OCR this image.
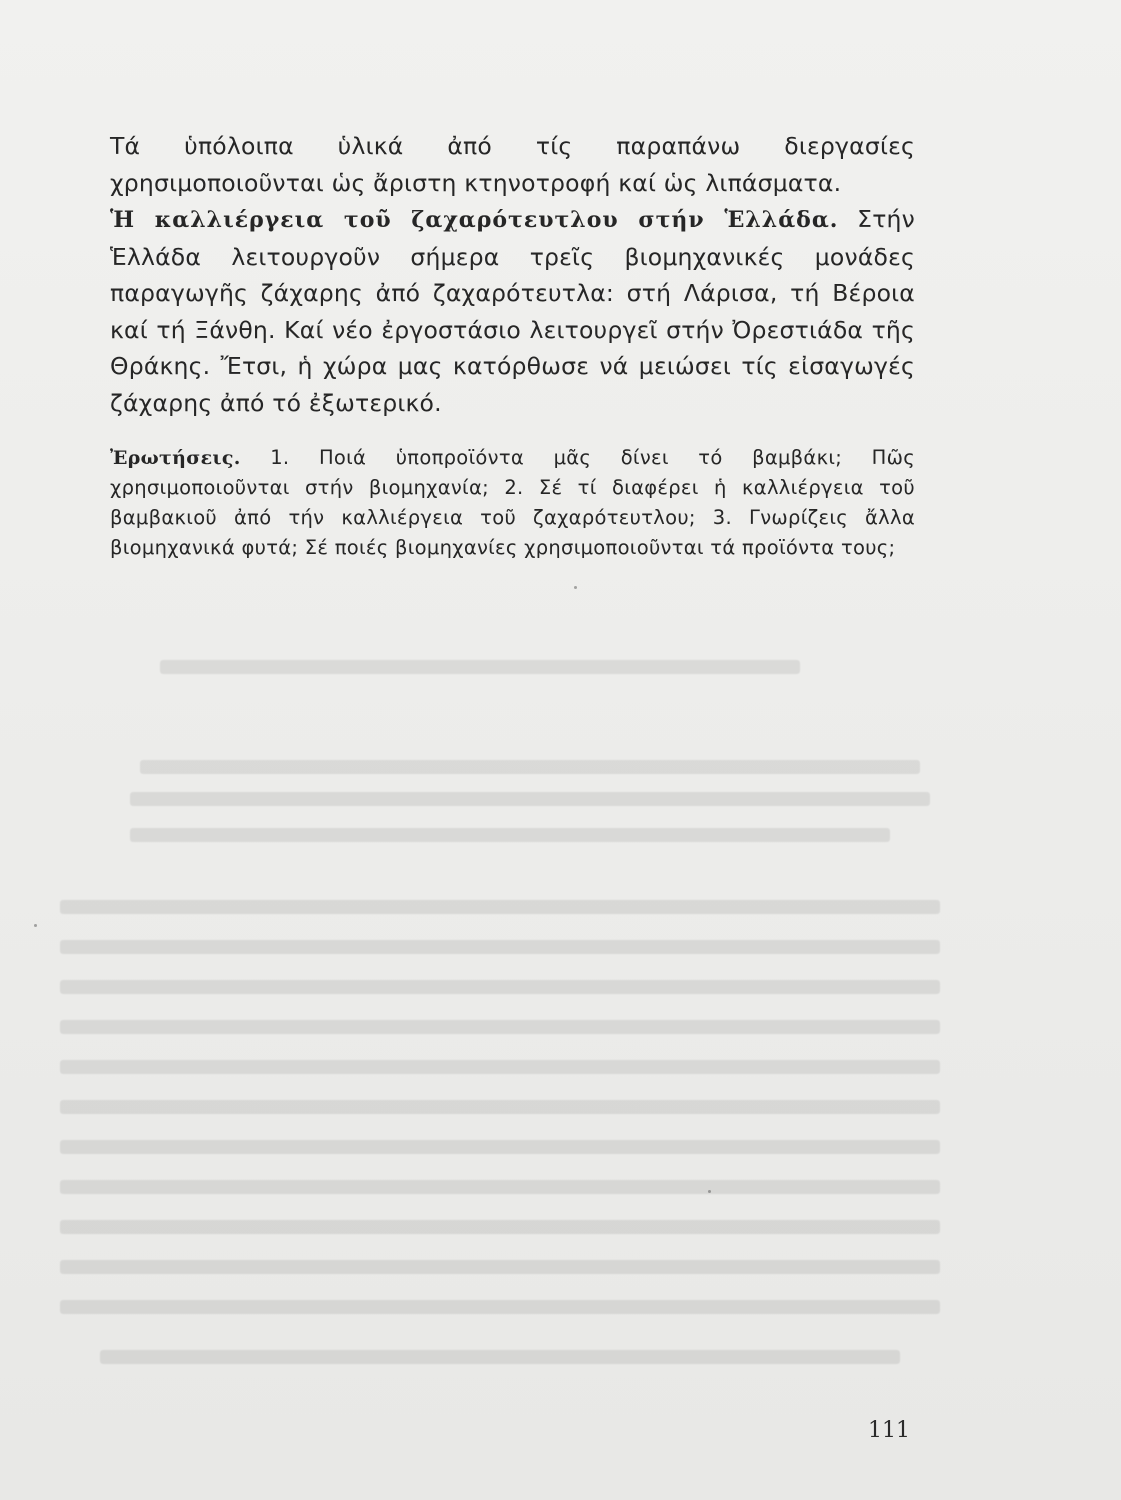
Τά ὑπόλοιπα ὑλικά ἀπό τίς παραπάνω διεργασίες χρησιμοποιοῦνται ὡς ἄριστη κτηνοτροφή καί ὡς λιπάσματα.

Ἡ καλλιέργεια τοῦ ζαχαρότευτλου στήν Ἑλλάδα. Στήν Ἑλλάδα λειτουργοῦν σήμερα τρεῖς βιομηχανικές μονάδες παραγωγῆς ζάχαρης ἀπό ζαχαρότευτλα: στή Λάρισα, τή Βέροια καί τή Ξάνθη. Καί νέο ἐργοστάσιο λειτουργεῖ στήν Ὀρεστιάδα τῆς Θράκης. Ἔτσι, ἡ χώρα μας κατόρθωσε νά μειώσει τίς εἰσαγωγές ζάχαρης ἀπό τό ἐξωτερικό.

Ἐρωτήσεις. 1. Ποιά ὑποπροϊόντα μᾶς δίνει τό βαμβάκι; Πῶς χρησιμοποιοῦνται στήν βιομηχανία; 2. Σέ τί διαφέρει ἡ καλλιέργεια τοῦ βαμβακιοῦ ἀπό τήν καλλιέργεια τοῦ ζαχαρότευτλου; 3. Γνωρίζεις ἄλλα βιομηχανικά φυτά; Σέ ποιές βιομηχανίες χρησιμοποιοῦνται τά προϊόντα τους;

111
